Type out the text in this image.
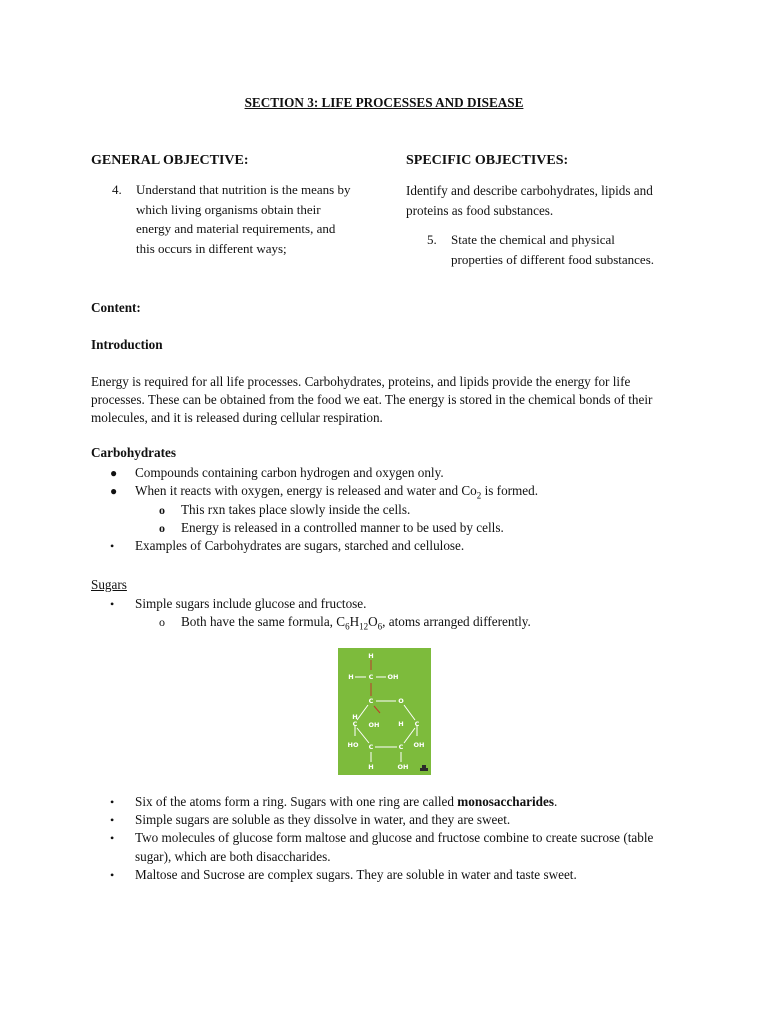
SECTION 3: LIFE PROCESSES AND DISEASE
GENERAL OBJECTIVE:	SPECIFIC OBJECTIVES:
4.	Understand that nutrition is the means by which living organisms obtain their energy and material requirements, and this occurs in different ways;
Identify and describe carbohydrates, lipids and proteins as food substances.
5.	State the chemical and physical properties of different food substances.
Content:
Introduction
Energy is required for all life processes. Carbohydrates, proteins, and lipids provide the energy for life processes. These can be obtained from the food we eat. The energy is stored in the chemical bonds of their molecules, and it is released during cellular respiration.
Carbohydrates
● Compounds containing carbon hydrogen and oxygen only.
● When it reacts with oxygen, energy is released and water and $Co_2$ is formed.
o This rxn takes place slowly inside the cells.
o Energy is released in a controlled manner to be used by cells.
• Examples of Carbohydrates are sugars, starched and cellulose.
Sugars
• Simple sugars include glucose and fructose.
o Both have the same formula, $C_6H_{12}O_6$, atoms arranged differently.
H
H C OH
C	O
H
OH	H
C	C
HO C	C OH
H	OH
• Six of the atoms form a ring. Sugars with one ring are called monosaccharides.
• Simple sugars are soluble as they dissolve in water, and they are sweet.
• Two molecules of glucose form maltose and glucose and fructose combine to create sucrose (table sugar), which are both disaccharides.
• Maltose and Sucrose are complex sugars. They are soluble in water and taste sweet.
